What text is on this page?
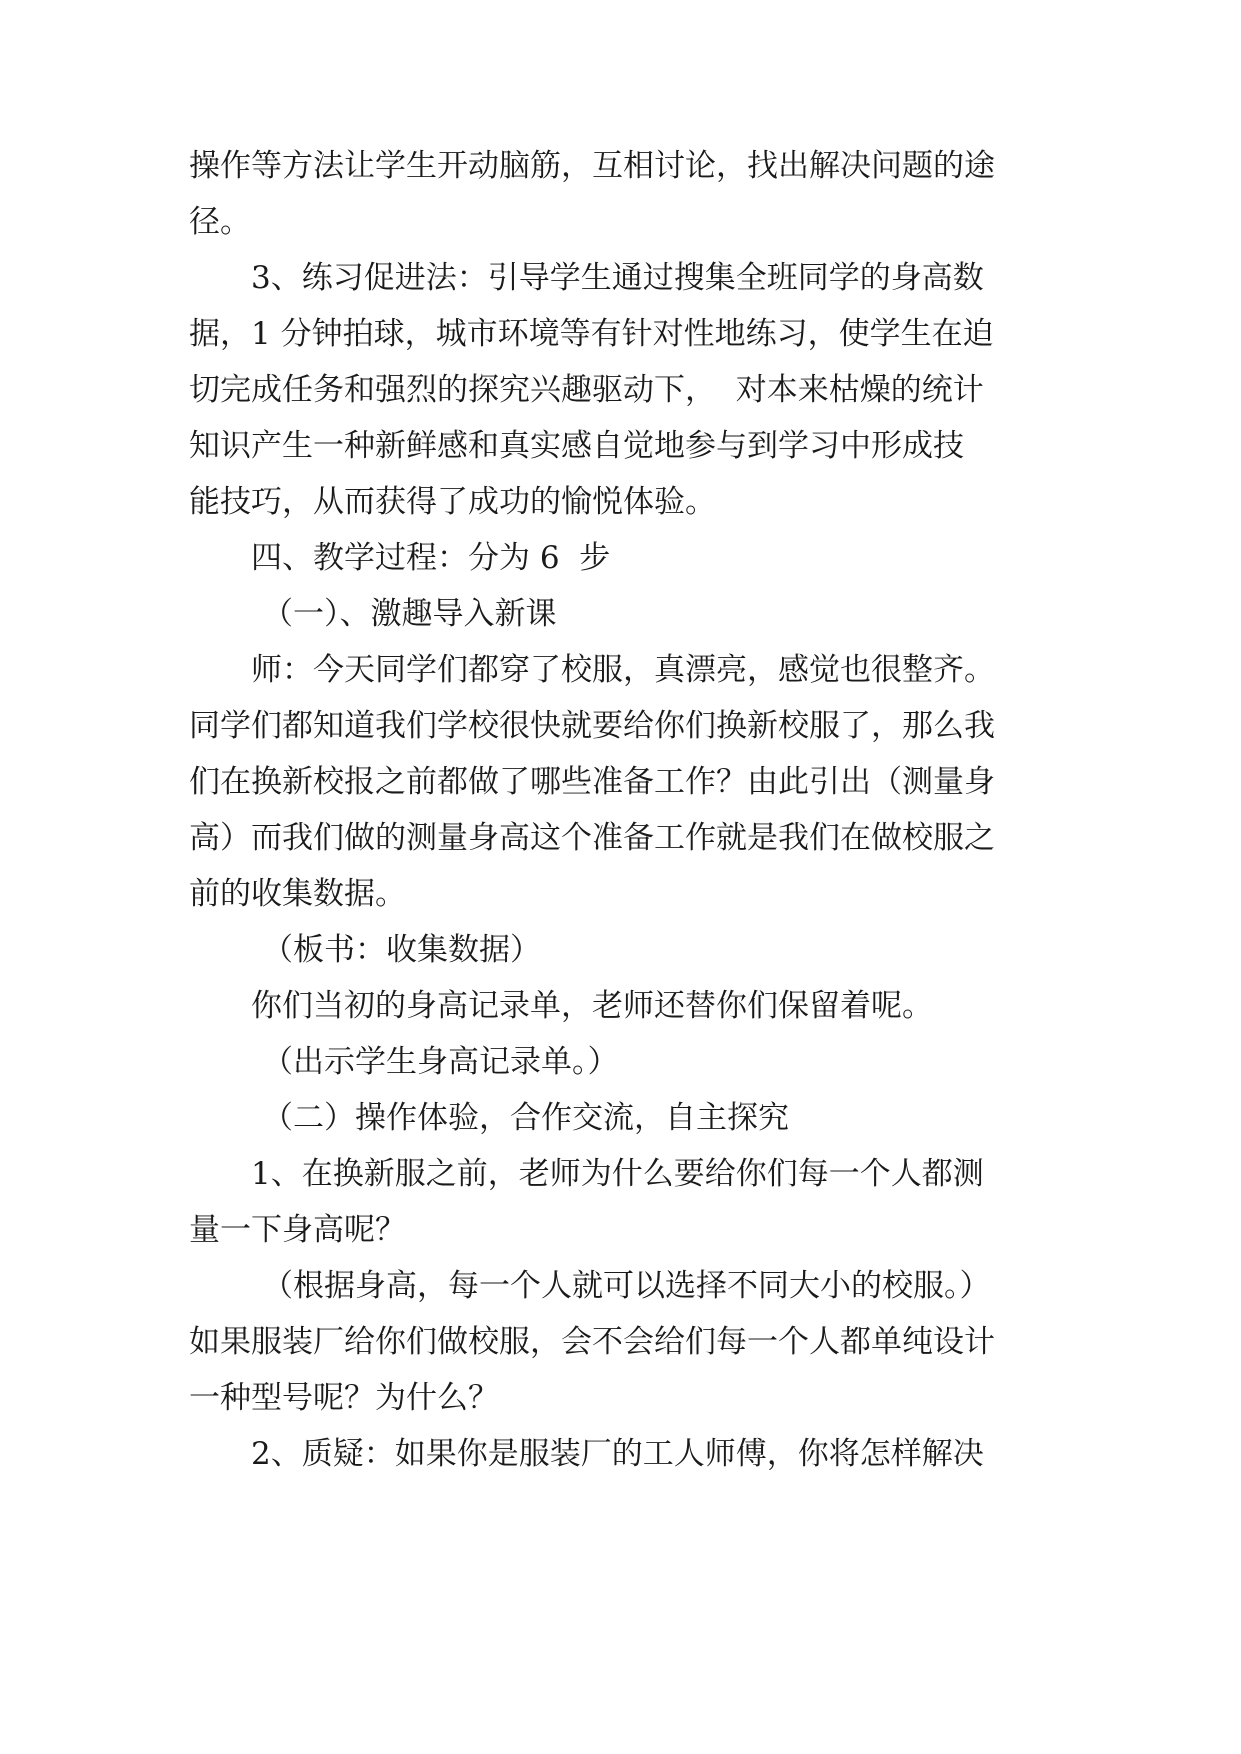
操作等方法让学生开动脑筋，互相讨论，找出解决问题的途
径。
3、练习促进法：引导学生通过搜集全班同学的身高数
据，1 分钟拍球，城市环境等有针对性地练习，使学生在迫
切完成任务和强烈的探究兴趣驱动下，  对本来枯燥的统计
知识产生一种新鲜感和真实感自觉地参与到学习中形成技
能技巧，从而获得了成功的愉悦体验。
四、教学过程：分为 6  步
（一）、激趣导入新课
师：今天同学们都穿了校服，真漂亮，感觉也很整齐。
同学们都知道我们学校很快就要给你们换新校服了，那么我
们在换新校报之前都做了哪些准备工作？由此引出（测量身
高）而我们做的测量身高这个准备工作就是我们在做校服之
前的收集数据。
（板书：收集数据）
你们当初的身高记录单，老师还替你们保留着呢。
（出示学生身高记录单。）
（二）操作体验，合作交流，自主探究
1、在换新服之前，老师为什么要给你们每一个人都测
量一下身高呢？
（根据身高，每一个人就可以选择不同大小的校服。）
如果服装厂给你们做校服，会不会给们每一个人都单纯设计
一种型号呢？为什么？
2、质疑：如果你是服装厂的工人师傅，你将怎样解决
